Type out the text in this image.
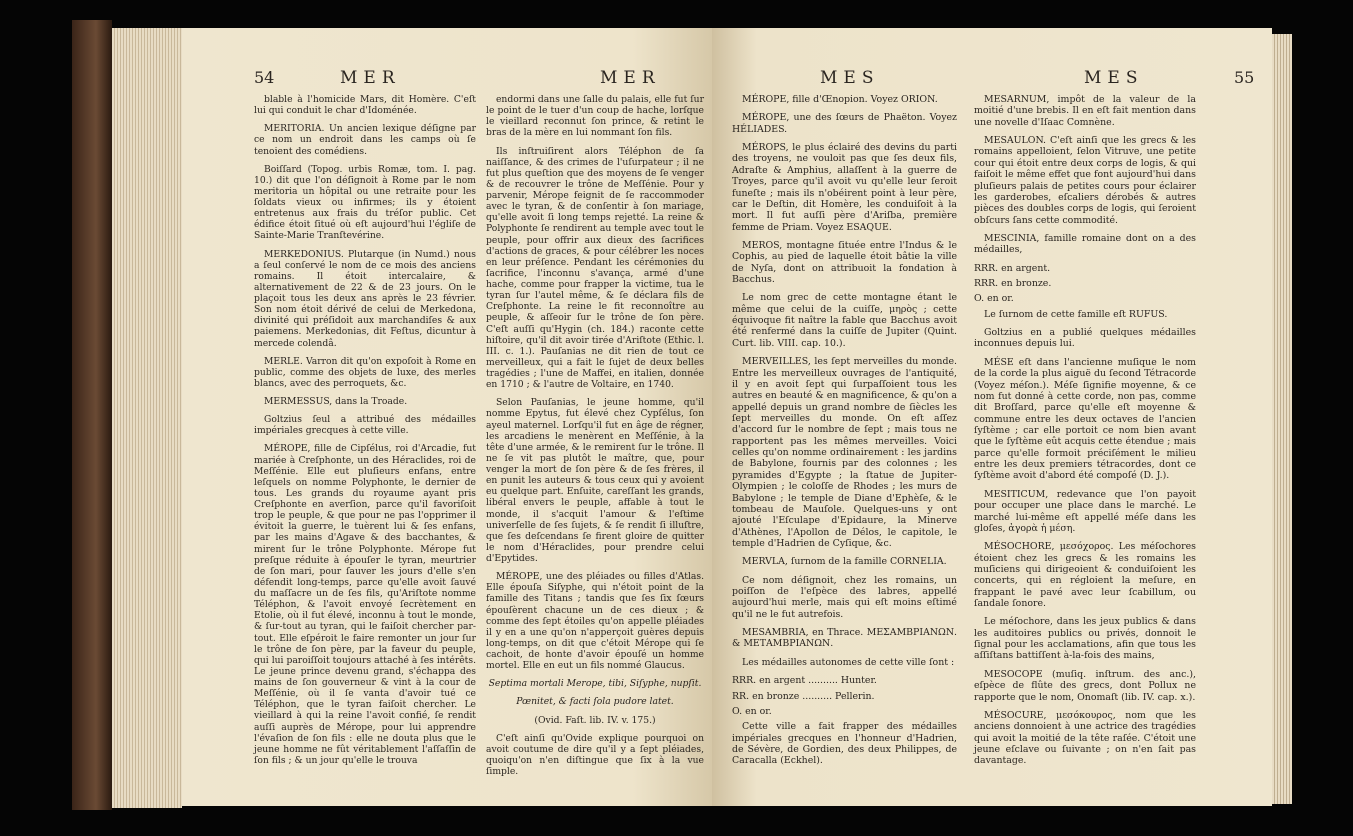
54	MER	MER

blable à l'homicide Mars, dit Homère. C'eſt lui qui conduit le char d'Idoménée.

MERITORIA. Un ancien lexique déſigne par ce nom un endroit dans les camps où ſe tenoient des comédiens.

Boiſſard (Topog. urbis Romæ, tom. I. pag. 10.) dit que l'on déſignoit à Rome par le nom meritoria un hôpital ou une retraite pour les ſoldats vieux ou infirmes; ils y étoient entretenus aux frais du tréſor public. Cet édifice étoit ſitué où eſt aujourd'hui l'égliſe de Sainte-Marie Tranſtevérine.

MERKEDONIUS. Plutarque (in Numd.) nous a ſeul conſervé le nom de ce mois des anciens romains. Il étoit intercalaire, & alternativement de 22 & de 23 jours. On le plaçoit tous les deux ans après le 23 février. Son nom étoit dérivé de celui de Merkedona, divinité qui préſidoit aux marchandiſes & aux paiemens. Merkedonias, dit Feſtus, dicuntur à mercede colendâ.

MERLE. Varron dit qu'on expoſoit à Rome en public, comme des objets de luxe, des merles blancs, avec des perroquets, &c.

MERMESSUS, dans la Troade.

Goltzius ſeul a attribué des médailles impériales grecques à cette ville.

MÉROPE, fille de Cipſélus, roi d'Arcadie, fut mariée à Creſphonte, un des Héraclides, roi de Meſſénie. Elle eut pluſieurs enfans, entre leſquels on nomme Polyphonte, le dernier de tous. Les grands du royaume ayant pris Creſphonte en averſion, parce qu'il favoriſoit trop le peuple, & que pour ne pas l'opprimer il évitoit la guerre, le tuèrent lui & ſes enfans, par les mains d'Agave & des bacchantes, & mirent ſur le trône Polyphonte. Mérope fut preſque réduite à épouſer le tyran, meurtrier de ſon mari, pour ſauver les jours d'elle s'en défendit long-temps, parce qu'elle avoit ſauvé du maſſacre un de ſes fils, qu'Ariſtote nomme Téléphon, & l'avoit envoyé ſecrètement en Etolie, où il fut élevé, inconnu à tout le monde, & ſur-tout au tyran, qui le faiſoit chercher par-tout. Elle eſpéroit le faire remonter un jour ſur le trône de ſon père, par la faveur du peuple, qui lui paroiſſoit toujours attaché à ſes intérêts. Le jeune prince devenu grand, s'échappa des mains de ſon gouverneur & vint à la cour de Meſſénie, où il ſe vanta d'avoir tué ce Téléphon, que le tyran faiſoit chercher. Le vieillard à qui la reine l'avoit confié, ſe rendit auſſi auprès de Mérope, pour lui apprendre l'évaſion de ſon fils : elle ne douta plus que le jeune homme ne fût véritablement l'aſſaſſin de ſon fils ; & un jour qu'elle le trouva

endormi dans une ſalle du palais, elle fut ſur le point de le tuer d'un coup de hache, lorſque le vieillard reconnut ſon prince, & retint le bras de la mère en lui nommant ſon fils.

Ils inſtruiſirent alors Téléphon de ſa naiſſance, & des crimes de l'uſurpateur ; il ne fut plus queſtion que des moyens de ſe venger & de recouvrer le trône de Meſſénie. Pour y parvenir, Mérope feignit de ſe raccommoder avec le tyran, & de conſentir à ſon mariage, qu'elle avoit ſi long temps rejetté. La reine & Polyphonte ſe rendirent au temple avec tout le peuple, pour offrir aux dieux des ſacrifices d'actions de graces, & pour célébrer les noces en leur préſence. Pendant les cérémonies du ſacrifice, l'inconnu s'avança, armé d'une hache, comme pour frapper la victime, tua le tyran ſur l'autel même, & ſe déclara fils de Creſphonte. La reine le fit reconnoître au peuple, & aſſeoir ſur le trône de ſon père. C'eſt auſſi qu'Hygin (ch. 184.) raconte cette hiſtoire, qu'il dit avoir tirée d'Ariſtote (Ethic. l. III. c. 1.). Pauſanias ne dit rien de tout ce merveilleux, qui a fait le ſujet de deux belles tragédies ; l'une de Maffei, en italien, donnée en 1710 ; & l'autre de Voltaire, en 1740.

Selon Pauſanias, le jeune homme, qu'il nomme Epytus, fut élevé chez Cypſélus, ſon ayeul maternel. Lorſqu'il fut en âge de régner, les arcadiens le menèrent en Meſſénie, à la tête d'une armée, & le remirent ſur le trône. Il ne ſe vit pas plutôt le maître, que, pour venger la mort de ſon père & de ſes frères, il en punit les auteurs & tous ceux qui y avoient eu quelque part. Enſuite, careſſant les grands, libéral envers le peuple, affable à tout le monde, il s'acquit l'amour & l'eſtime univerſelle de ſes ſujets, & ſe rendit ſi illuſtre, que ſes deſcendans ſe firent gloire de quitter le nom d'Héraclides, pour prendre celui d'Epytides.

MÉROPE, une des pléiades ou filles d'Atlas. Elle épouſa Siſyphe, qui n'étoit point de la famille des Titans ; tandis que ſes ſix ſœurs épouſèrent chacune un de ces dieux ; & comme des ſept étoiles qu'on appelle pléiades il y en a une qu'on n'apperçoit guères depuis long-temps, on dit que c'étoit Mérope qui ſe cachoit, de honte d'avoir épouſé un homme mortel. Elle en eut un fils nommé Glaucus.

Septima mortali Merope, tibi, Siſyphe, nupſit.

Pœnitet, & facti ſola pudore latet.

(Ovid. Faſt. lib. IV. v. 175.)

C'eſt ainſi qu'Ovide explique pourquoi on avoit coutume de dire qu'il y a ſept pléiades, quoiqu'on n'en diſtingue que ſix à la vue ſimple.

MES	MES	55

MÉROPE, fille d'Œnopion. Voyez ORION.

MÉROPE, une des ſœurs de Phaëton. Voyez HÉLIADES.

MÉROPS, le plus éclairé des devins du parti des troyens, ne vouloit pas que ſes deux fils, Adraſte & Amphius, allaſſent à la guerre de Troyes, parce qu'il avoit vu qu'elle leur ſeroit funeſte ; mais ils n'obéirent point à leur père, car le Deſtin, dit Homère, les conduiſoit à la mort. Il fut auſſi père d'Ariſba, première femme de Priam. Voyez ESAQUE.

MEROS, montagne ſituée entre l'Indus & le Cophis, au pied de laquelle étoit bâtie la ville de Nyſa, dont on attribuoit la fondation à Bacchus.

Le nom grec de cette montagne étant le même que celui de la cuiſſe, μηρὸς ; cette équivoque fit naître la fable que Bacchus avoit été renfermé dans la cuiſſe de Jupiter (Quint. Curt. lib. VIII. cap. 10.).

MERVEILLES, les ſept merveilles du monde. Entre les merveilleux ouvrages de l'antiquité, il y en avoit ſept qui ſurpaſſoient tous les autres en beauté & en magnificence, & qu'on a appellé depuis un grand nombre de ſiècles les ſept merveilles du monde. On eſt aſſez d'accord ſur le nombre de ſept ; mais tous ne rapportent pas les mêmes merveilles. Voici celles qu'on nomme ordinairement : les jardins de Babylone, fournis par des colonnes ; les pyramides d'Egypte ; la ſtatue de Jupiter-Olympien ; le coloſſe de Rhodes ; les murs de Babylone ; le temple de Diane d'Ephèſe, & le tombeau de Mauſole. Quelques-uns y ont ajouté l'Eſculape d'Epidaure, la Minerve d'Athènes, l'Apollon de Délos, le capitole, le temple d'Hadrien de Cyſique, &c.

MERVLA, ſurnom de la famille CORNELIA.

Ce nom déſignoit, chez les romains, un poiſſon de l'eſpèce des labres, appellé aujourd'hui merle, mais qui eſt moins eſtimé qu'il ne le fut autrefois.

MESAMBRIA, en Thrace. ΜΕΣΑΜΒΡΙΑΝΩΝ. & ΜΕΤΑΜΒΡΙΑΝΩΝ.

Les médailles autonomes de cette ville ſont :

RRR. en argent .......... Hunter.

RR. en bronze .......... Pellerin.

O. en or.

Cette ville a fait frapper des médailles impériales grecques en l'honneur d'Hadrien, de Sévère, de Gordien, des deux Philippes, de Caracalla (Eckhel).

MESARNUM, impôt de la valeur de la moitié d'une brebis. Il en eſt fait mention dans une novelle d'Iſaac Comnène.

MESAULON. C'eſt ainſi que les grecs & les romains appelloient, ſelon Vitruve, une petite cour qui étoit entre deux corps de logis, & qui faiſoit le même effet que font aujourd'hui dans pluſieurs palais de petites cours pour éclairer les garderobes, eſcaliers dérobés & autres pièces des doubles corps de logis, qui ſeroient obſcurs ſans cette commodité.

MESCINIA, famille romaine dont on a des médailles,

RRR. en argent.

RRR. en bronze.

O. en or.

Le ſurnom de cette famille eſt RUFUS.

Goltzius en a publié quelques médailles inconnues depuis lui.

MÉSE eſt dans l'ancienne muſique le nom de la corde la plus aiguë du ſecond Tétracorde (Voyez méſon.). Méſe ſignifie moyenne, & ce nom fut donné à cette corde, non pas, comme dit Broſſard, parce qu'elle eſt moyenne & commune entre les deux octaves de l'ancien ſyſtème ; car elle portoit ce nom bien avant que le ſyſtème eût acquis cette étendue ; mais parce qu'elle formoit préciſément le milieu entre les deux premiers tétracordes, dont ce ſyſtème avoit d'abord été compoſé (D. J.).

MESITICUM, redevance que l'on payoit pour occuper une place dans le marché. Le marché lui-même eſt appellé méſe dans les gloſes, ἀγορὰ ἡ μέση.

MÉSOCHORE, μεσόχορος. Les méſochores étoient chez les grecs & les romains les muſiciens qui dirigeoient & conduiſoient les concerts, qui en régloient la meſure, en frappant le pavé avec leur ſcabillum, ou ſandale ſonore.

Le méſochore, dans les jeux publics & dans les auditoires publics ou privés, donnoit le ſignal pour les acclamations, afin que tous les aſſiſtans battiſſent à-la-fois des mains,

MESOCOPE (muſiq. inſtrum. des anc.), eſpèce de flûte des grecs, dont Pollux ne rapporte que le nom, Onomaſt (lib. IV. cap. x.).

MÉSOCURE, μεσόκουρος, nom que les anciens donnoient à une actrice des tragédies qui avoit la moitié de la tête raſée. C'étoit une jeune eſclave ou ſuivante ; on n'en ſait pas davantage.
